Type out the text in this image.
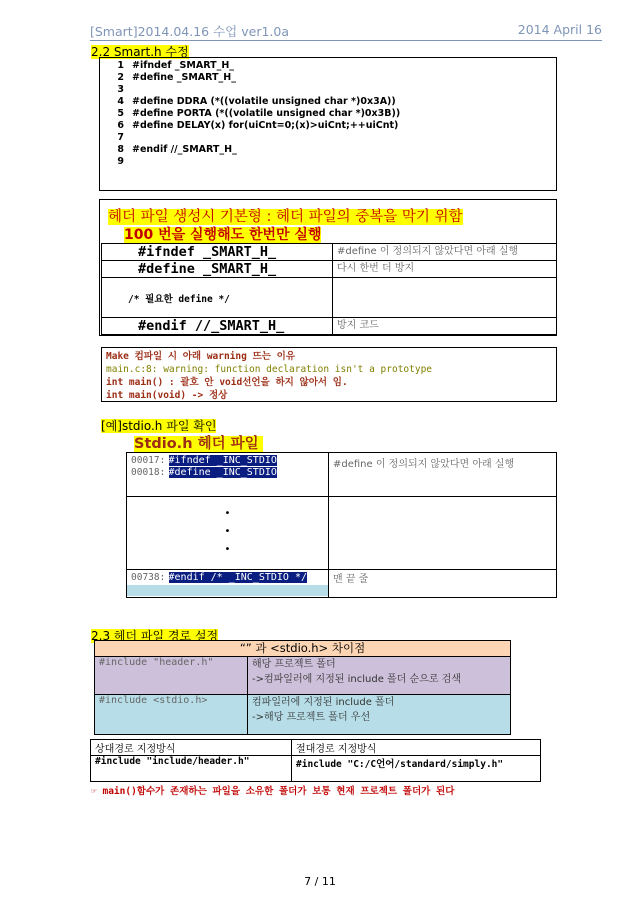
[Smart]2014.04.16 수업 ver1.0a	2014 April 16
2.2 Smart.h 수정
1 #ifndef _SMART_H_
2 #define _SMART_H_
3
4 #define DDRA (*((volatile unsigned char *)0x3A))
5 #define PORTA (*((volatile unsigned char *)0x3B))
6 #define DELAY(x) for(uiCnt=0;(x)>uiCnt;++uiCnt)
7
8 #endif //_SMART_H_
9
헤더 파일 생성시 기본형 : 헤더 파일의 중복을 막기 위함
100 번을 실행해도 한번만 실행
#ifndef _SMART_H_	#define 이 정의되지 않았다면 아래 실행
#define _SMART_H_	다시 한번 더 방지
/* 필요한 define */	
#endif //_SMART_H_	방지 코드
Make 컴파일 시 아래 warning 뜨는 이유
main.c:8: warning: function declaration isn't a prototype
int main() : 괄호 안 void선언을 하지 않아서 임.
int main(void) -> 정상
[예]stdio.h 파일 확인
Stdio.h 헤더 파일
00017: #ifndef _INC_STDIO
00018: #define _INC_STDIO	#define 이 정의되지 않았다면 아래 실행

•
•
•	

00738: #endif /* _INC_STDIO */	맨 끝 줄
2.3 헤더 파일 경로 설정
“” 과 <stdio.h> 차이점	
#include "header.h"	해당 프로젝트 폴더
->컴파일러에 지정된 include 폴더 순으로 검색

#include <stdio.h>	컴파일러에 지정된 include 폴더
->해당 프로젝트 폴더 우선
상대경로 지정방식	절대경로 지정방식
#include "include/header.h"	#include "C:/C언어/standard/simply.h"
☞ main()함수가 존재하는 파일을 소유한 폴더가 보통 현재 프로젝트 폴더가 된다
7 / 11
